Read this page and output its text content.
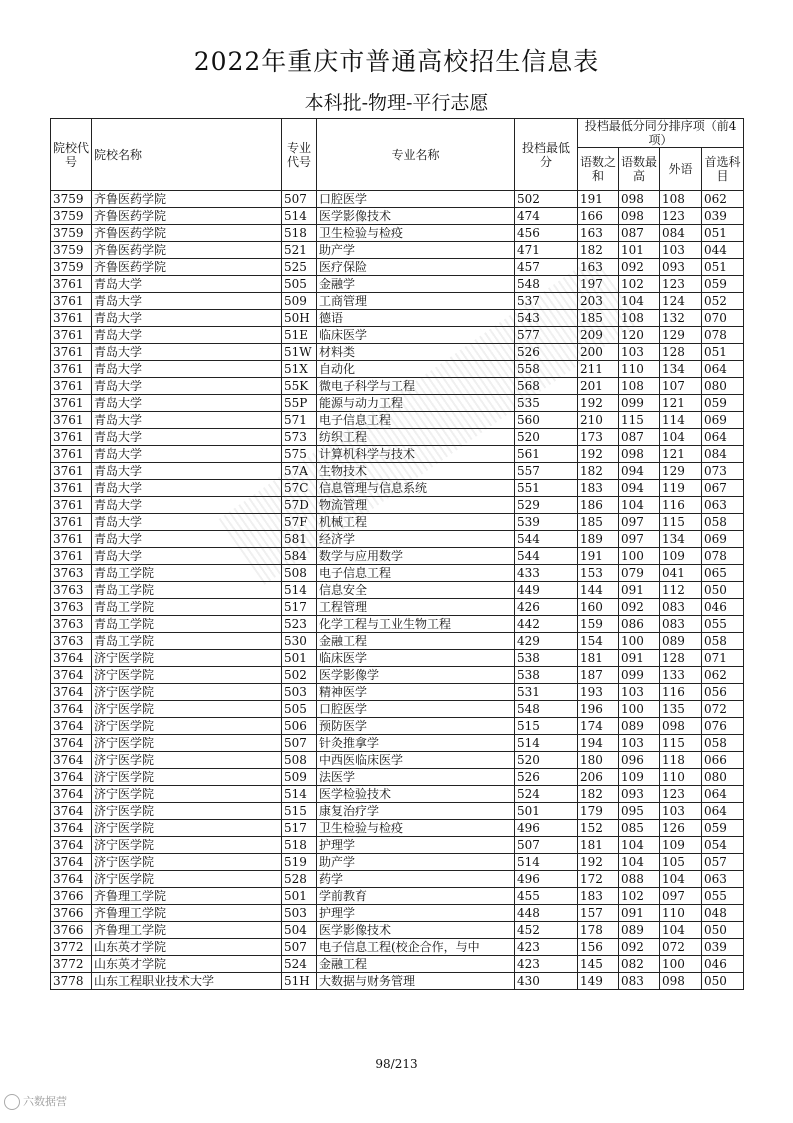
2022年重庆市普通高校招生信息表
本科批-物理-平行志愿
院校代号	院校名称	专业代号	专业名称	投档最低分	投档最低分同分排序项（前4项）			
					语数之和	语数最高	外语	首选科目
3759	齐鲁医药学院	507	口腔医学	502	191	098	108	062
3759	齐鲁医药学院	514	医学影像技术	474	166	098	123	039
3759	齐鲁医药学院	518	卫生检验与检疫	456	163	087	084	051
3759	齐鲁医药学院	521	助产学	471	182	101	103	044
3759	齐鲁医药学院	525	医疗保险	457	163	092	093	051
3761	青岛大学	505	金融学	548	197	102	123	059
3761	青岛大学	509	工商管理	537	203	104	124	052
3761	青岛大学	50H	德语	543	185	108	132	070
3761	青岛大学	51E	临床医学	577	209	120	129	078
3761	青岛大学	51W	材料类	526	200	103	128	051
3761	青岛大学	51X	自动化	558	211	110	134	064
3761	青岛大学	55K	微电子科学与工程	568	201	108	107	080
3761	青岛大学	55P	能源与动力工程	535	192	099	121	059
3761	青岛大学	571	电子信息工程	560	210	115	114	069
3761	青岛大学	573	纺织工程	520	173	087	104	064
3761	青岛大学	575	计算机科学与技术	561	192	098	121	084
3761	青岛大学	57A	生物技术	557	182	094	129	073
3761	青岛大学	57C	信息管理与信息系统	551	183	094	119	067
3761	青岛大学	57D	物流管理	529	186	104	116	063
3761	青岛大学	57F	机械工程	539	185	097	115	058
3761	青岛大学	581	经济学	544	189	097	134	069
3761	青岛大学	584	数学与应用数学	544	191	100	109	078
3763	青岛工学院	508	电子信息工程	433	153	079	041	065
3763	青岛工学院	514	信息安全	449	144	091	112	050
3763	青岛工学院	517	工程管理	426	160	092	083	046
3763	青岛工学院	523	化学工程与工业生物工程	442	159	086	083	055
3763	青岛工学院	530	金融工程	429	154	100	089	058
3764	济宁医学院	501	临床医学	538	181	091	128	071
3764	济宁医学院	502	医学影像学	538	187	099	133	062
3764	济宁医学院	503	精神医学	531	193	103	116	056
3764	济宁医学院	505	口腔医学	548	196	100	135	072
3764	济宁医学院	506	预防医学	515	174	089	098	076
3764	济宁医学院	507	针灸推拿学	514	194	103	115	058
3764	济宁医学院	508	中西医临床医学	520	180	096	118	066
3764	济宁医学院	509	法医学	526	206	109	110	080
3764	济宁医学院	514	医学检验技术	524	182	093	123	064
3764	济宁医学院	515	康复治疗学	501	179	095	103	064
3764	济宁医学院	517	卫生检验与检疫	496	152	085	126	059
3764	济宁医学院	518	护理学	507	181	104	109	054
3764	济宁医学院	519	助产学	514	192	104	105	057
3764	济宁医学院	528	药学	496	172	088	104	063
3766	齐鲁理工学院	501	学前教育	455	183	102	097	055
3766	齐鲁理工学院	503	护理学	448	157	091	110	048
3766	齐鲁理工学院	504	医学影像技术	452	178	089	104	050
3772	山东英才学院	507	电子信息工程(校企合作，与中	423	156	092	072	039
3772	山东英才学院	524	金融工程	423	145	082	100	046
3778	山东工程职业技术大学	51H	大数据与财务管理	430	149	083	098	050
98/213
六数据营
